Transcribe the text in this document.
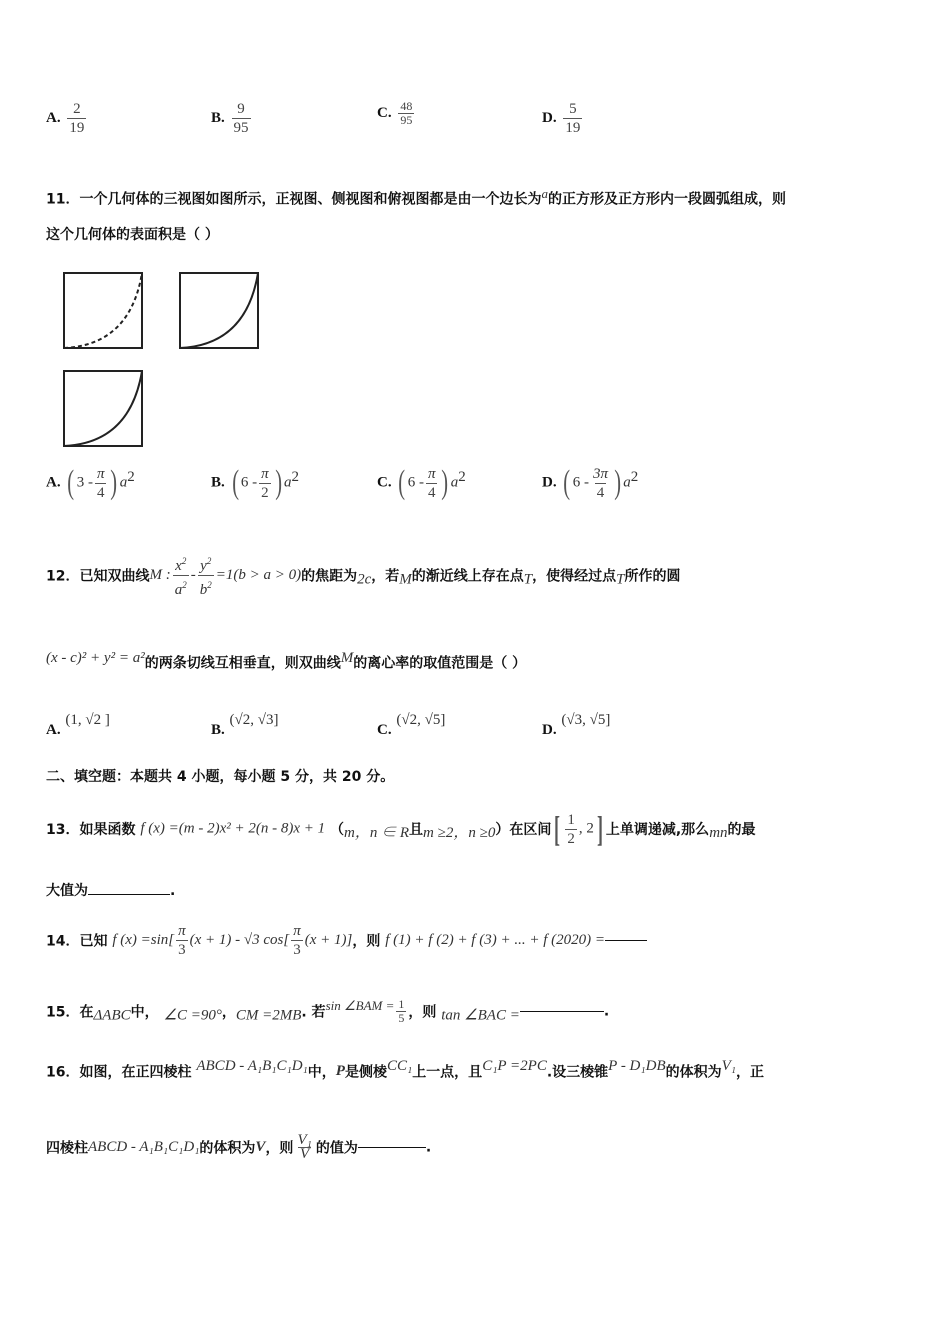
A. $\frac{2}{19}$	B. $\frac{9}{95}$	C. $\frac{48}{95}$	D. $\frac{5}{19}$
11．一个几何体的三视图如图所示，正视图、侧视图和俯视图都是由一个边长为$^a$的正方形及正方形内一段圆弧组成，则
这个几何体的表面积是（ ）
A. ( $3 - \frac{\pi}{4}$ ) $a^2$	B. ( $6 - \frac{\pi}{2}$ ) $a^2$	C. ( $6 - \frac{\pi}{4}$ ) $a^2$	D. ( $6 - \frac{3\pi}{4}$ ) $a^2$
12．已知双曲线M : $\frac{x^2}{a^2} - \frac{y^2}{b^2} =1(b > a > 0)$的焦距为2c，若M的渐近线上存在点T，使得经过点T所作的圆
(x - c)² + y² = a²的两条切线互相垂直，则双曲线M的离心率的取值范围是（ ）
A. (1, √2 ]
B. (√2, √3]
C. (√2, √5]
D. (√3, √5]
二、填空题：本题共 4 小题，每小题 5 分，共 20 分。
13．如果函数 f (x) =(m - 2)x² + 2(n - 8)x + 1 （m，n ∈ R且m ≥2，n ≥0）在区间[ $\frac{1}{2}$ , 2] 上单调递减,那么mn的最
大值为	.
14．已知 f $(x) =\sin[ \frac{\pi}{3} (x + 1) - √3$ $\cos[ \frac{\pi}{3} (x + 1)]$，则 f (1) + f (2) + f (3) + ... + f (2020) =
15．在ΔABC中， ∠C =90°，CM =2MB. 若sin ∠BAM = $\frac{1}{5}$ ，则 tan ∠BAC =	.
16．如图，在正四棱柱 ABCD - A₁B₁C₁D₁中，P是侧棱CC₁上一点，且C₁P =2PC.设三棱锥P - D₁DB的体积为V₁，正
四棱柱ABCD - A₁B₁C₁D₁的体积为V，则 $\frac{\text{V₁}}{V}$ 的值为	.
